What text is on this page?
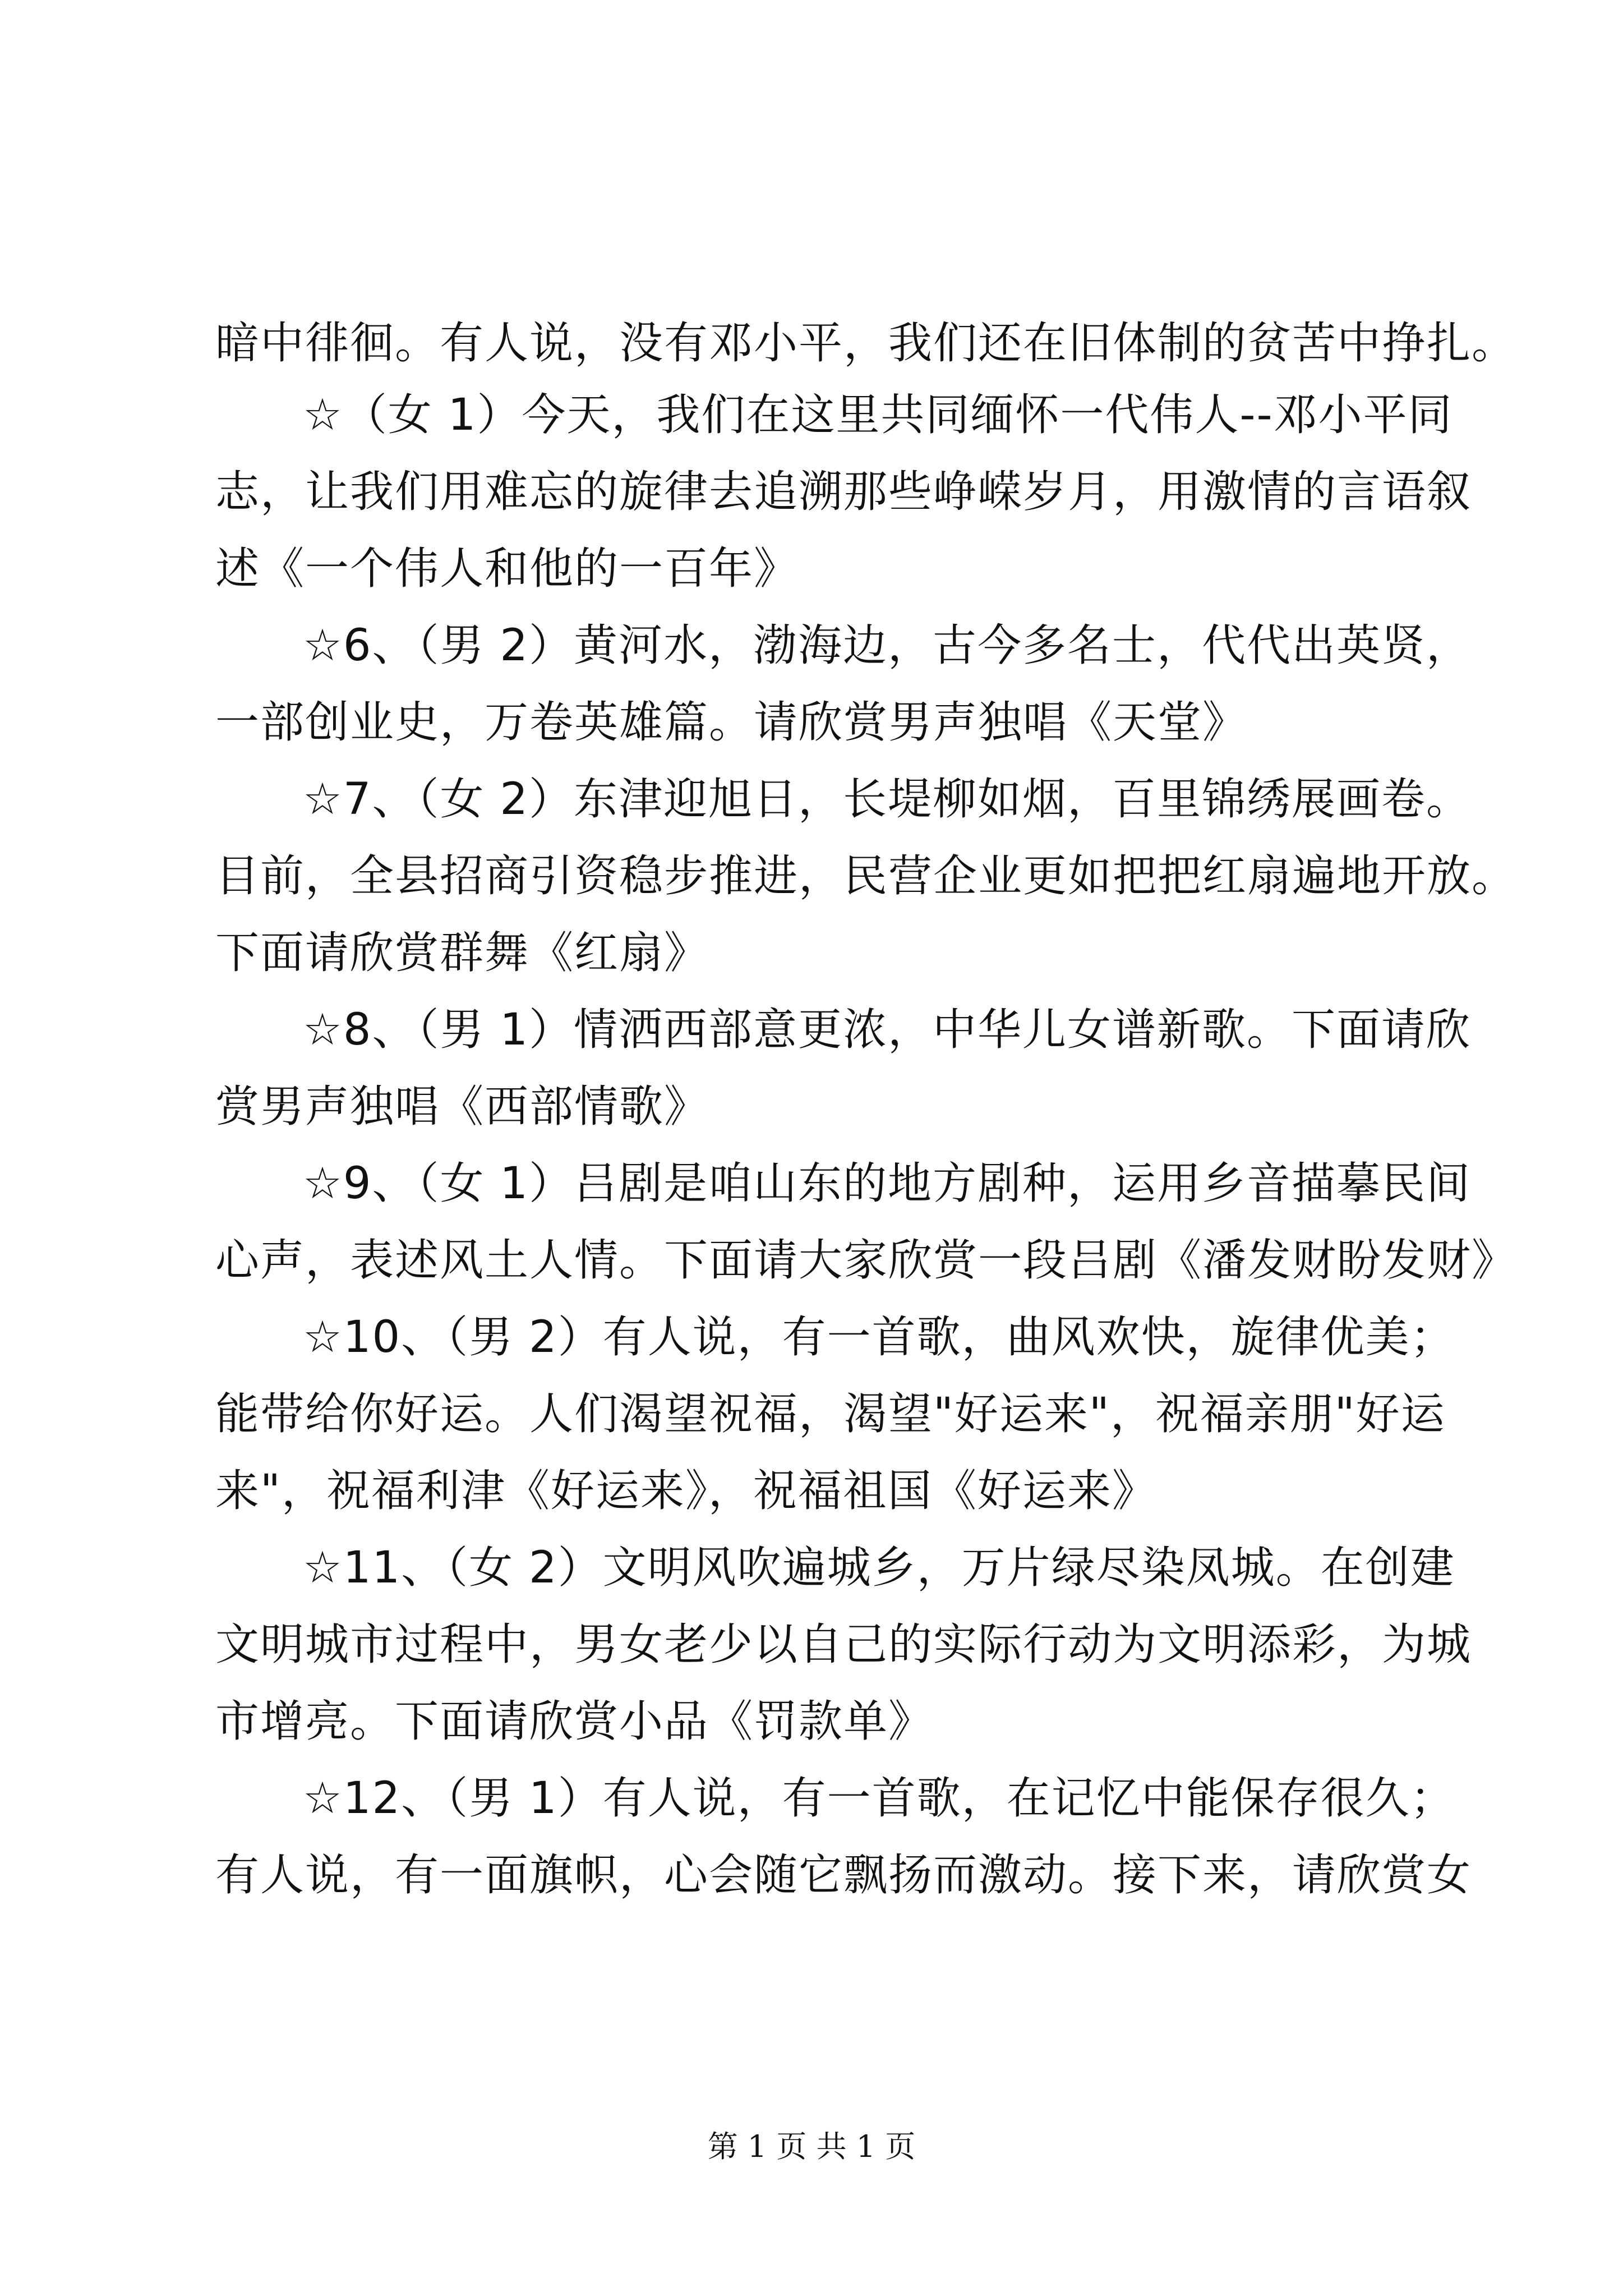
暗中徘徊。有人说，没有邓小平，我们还在旧体制的贫苦中挣扎。
☆（女 1）今天，我们在这里共同缅怀一代伟人--邓小平同
志，让我们用难忘的旋律去追溯那些峥嵘岁月，用激情的言语叙
述《一个伟人和他的一百年》
☆6、（男 2）黄河水，渤海边，古今多名士，代代出英贤，
一部创业史，万卷英雄篇。请欣赏男声独唱《天堂》
☆7、（女 2）东津迎旭日，长堤柳如烟，百里锦绣展画卷。
目前，全县招商引资稳步推进，民营企业更如把把红扇遍地开放。
下面请欣赏群舞《红扇》
☆8、（男 1）情洒西部意更浓，中华儿女谱新歌。下面请欣
赏男声独唱《西部情歌》
☆9、（女 1）吕剧是咱山东的地方剧种，运用乡音描摹民间
心声，表述风土人情。下面请大家欣赏一段吕剧《潘发财盼发财》
☆10、（男 2）有人说，有一首歌，曲风欢快，旋律优美；
能带给你好运。人们渴望祝福，渴望"好运来"，祝福亲朋"好运
来"，祝福利津《好运来》，祝福祖国《好运来》
☆11、（女 2）文明风吹遍城乡，万片绿尽染凤城。在创建
文明城市过程中，男女老少以自己的实际行动为文明添彩，为城
市增亮。下面请欣赏小品《罚款单》
☆12、（男 1）有人说，有一首歌，在记忆中能保存很久；
有人说，有一面旗帜，心会随它飘扬而激动。接下来，请欣赏女
第 1 页 共 1 页
